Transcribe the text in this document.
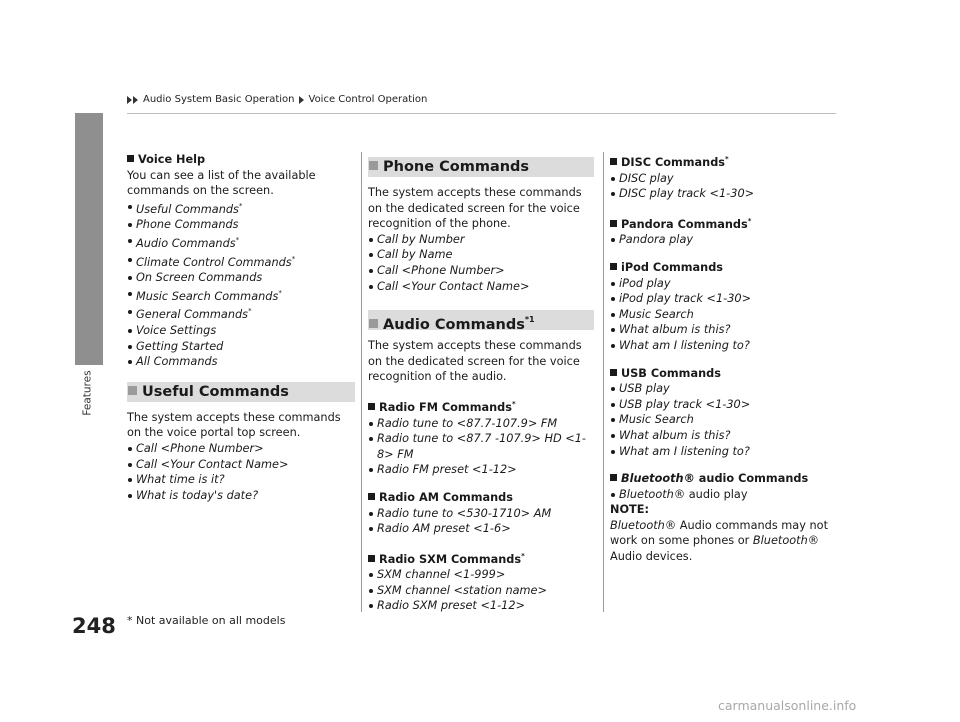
Features
Audio System Basic Operation Voice Control Operation
Voice Help

You can see a list of the available commands on the screen.

Useful Commands*
Phone Commands
Audio Commands*
Climate Control Commands*
On Screen Commands
Music Search Commands*
General Commands*
Voice Settings
Getting Started
All Commands
Useful Commands

The system accepts these commands on the voice portal top screen.

Call <Phone Number>
Call <Your Contact Name>
What time is it?
What is today's date?
Phone Commands

The system accepts these commands on the dedicated screen for the voice recognition of the phone.

Call by Number
Call by Name
Call <Phone Number>
Call <Your Contact Name>
Audio Commands$^{*1}$

The system accepts these commands on the dedicated screen for the voice recognition of the audio.

Radio FM Commands*
Radio tune to <87.7-107.9> FM
Radio tune to <87.7 -107.9> HD <1-8> FM
Radio FM preset <1-12>
Radio AM Commands
Radio tune to <530-1710> AM
Radio AM preset <1-6>
Radio SXM Commands*
SXM channel <1-999>
SXM channel <station name>
Radio SXM preset <1-12>
DISC Commands*
DISC play
DISC play track <1-30>
Pandora Commands*
Pandora play
iPod Commands
iPod play
iPod play track <1-30>
Music Search
What album is this?
What am I listening to?
USB Commands
USB play
USB play track <1-30>
Music Search
What album is this?
What am I listening to?
Bluetooth® audio Commands
Bluetooth® audio play
NOTE:

Bluetooth® Audio commands may not work on some phones or Bluetooth® Audio devices.

248 * Not available on all models
carmanualsonline.info
